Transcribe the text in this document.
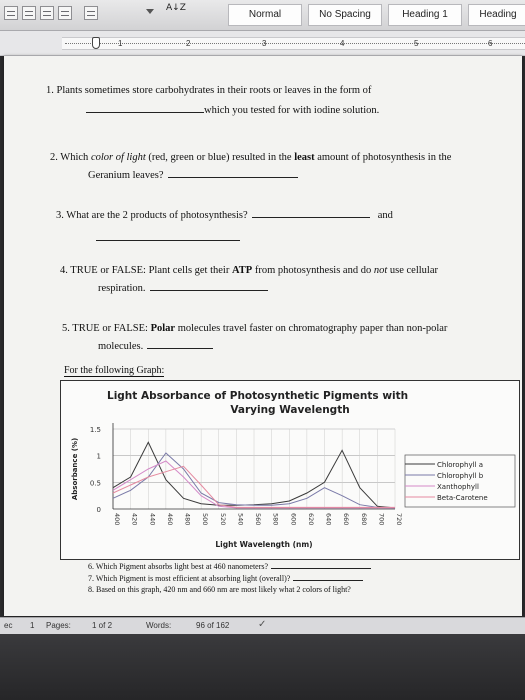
A↓Z
Normal	No Spacing	Heading 1	Heading
1	2	3	4	5	6
1. Plants sometimes store carbohydrates in their roots or leaves in the form of
which you tested for with iodine solution.
2. Which color of light (red, green or blue) resulted in the least amount of photosynthesis in the
Geranium leaves?
3. What are the 2 products of photosynthesis?	and
4. TRUE or FALSE: Plant cells get their ATP from photosynthesis and do not use cellular
respiration.
5. TRUE or FALSE: Polar molecules travel faster on chromatography paper than non-polar
molecules.
For the following Graph:
Light Absorbance of Photosynthetic Pigments with
Varying Wavelength
0
0.5
1
1.5
Absorbance (%)
400 420 440 460 480 500 520 540 560 580 600 620 640 660 680 700 720
Light Wavelength (nm)
Chlorophyll a
Chlorophyll b
Xanthophyll
Beta-Carotene
6. Which Pigment absorbs light best at 460 nanometers?
7. Which Pigment is most efficient at absorbing light (overall)?
8. Based on this graph, 420 nm and 660 nm are most likely what 2 colors of light?
ec 1 Pages:	1 of 2	Words:	96 of 162	✓
